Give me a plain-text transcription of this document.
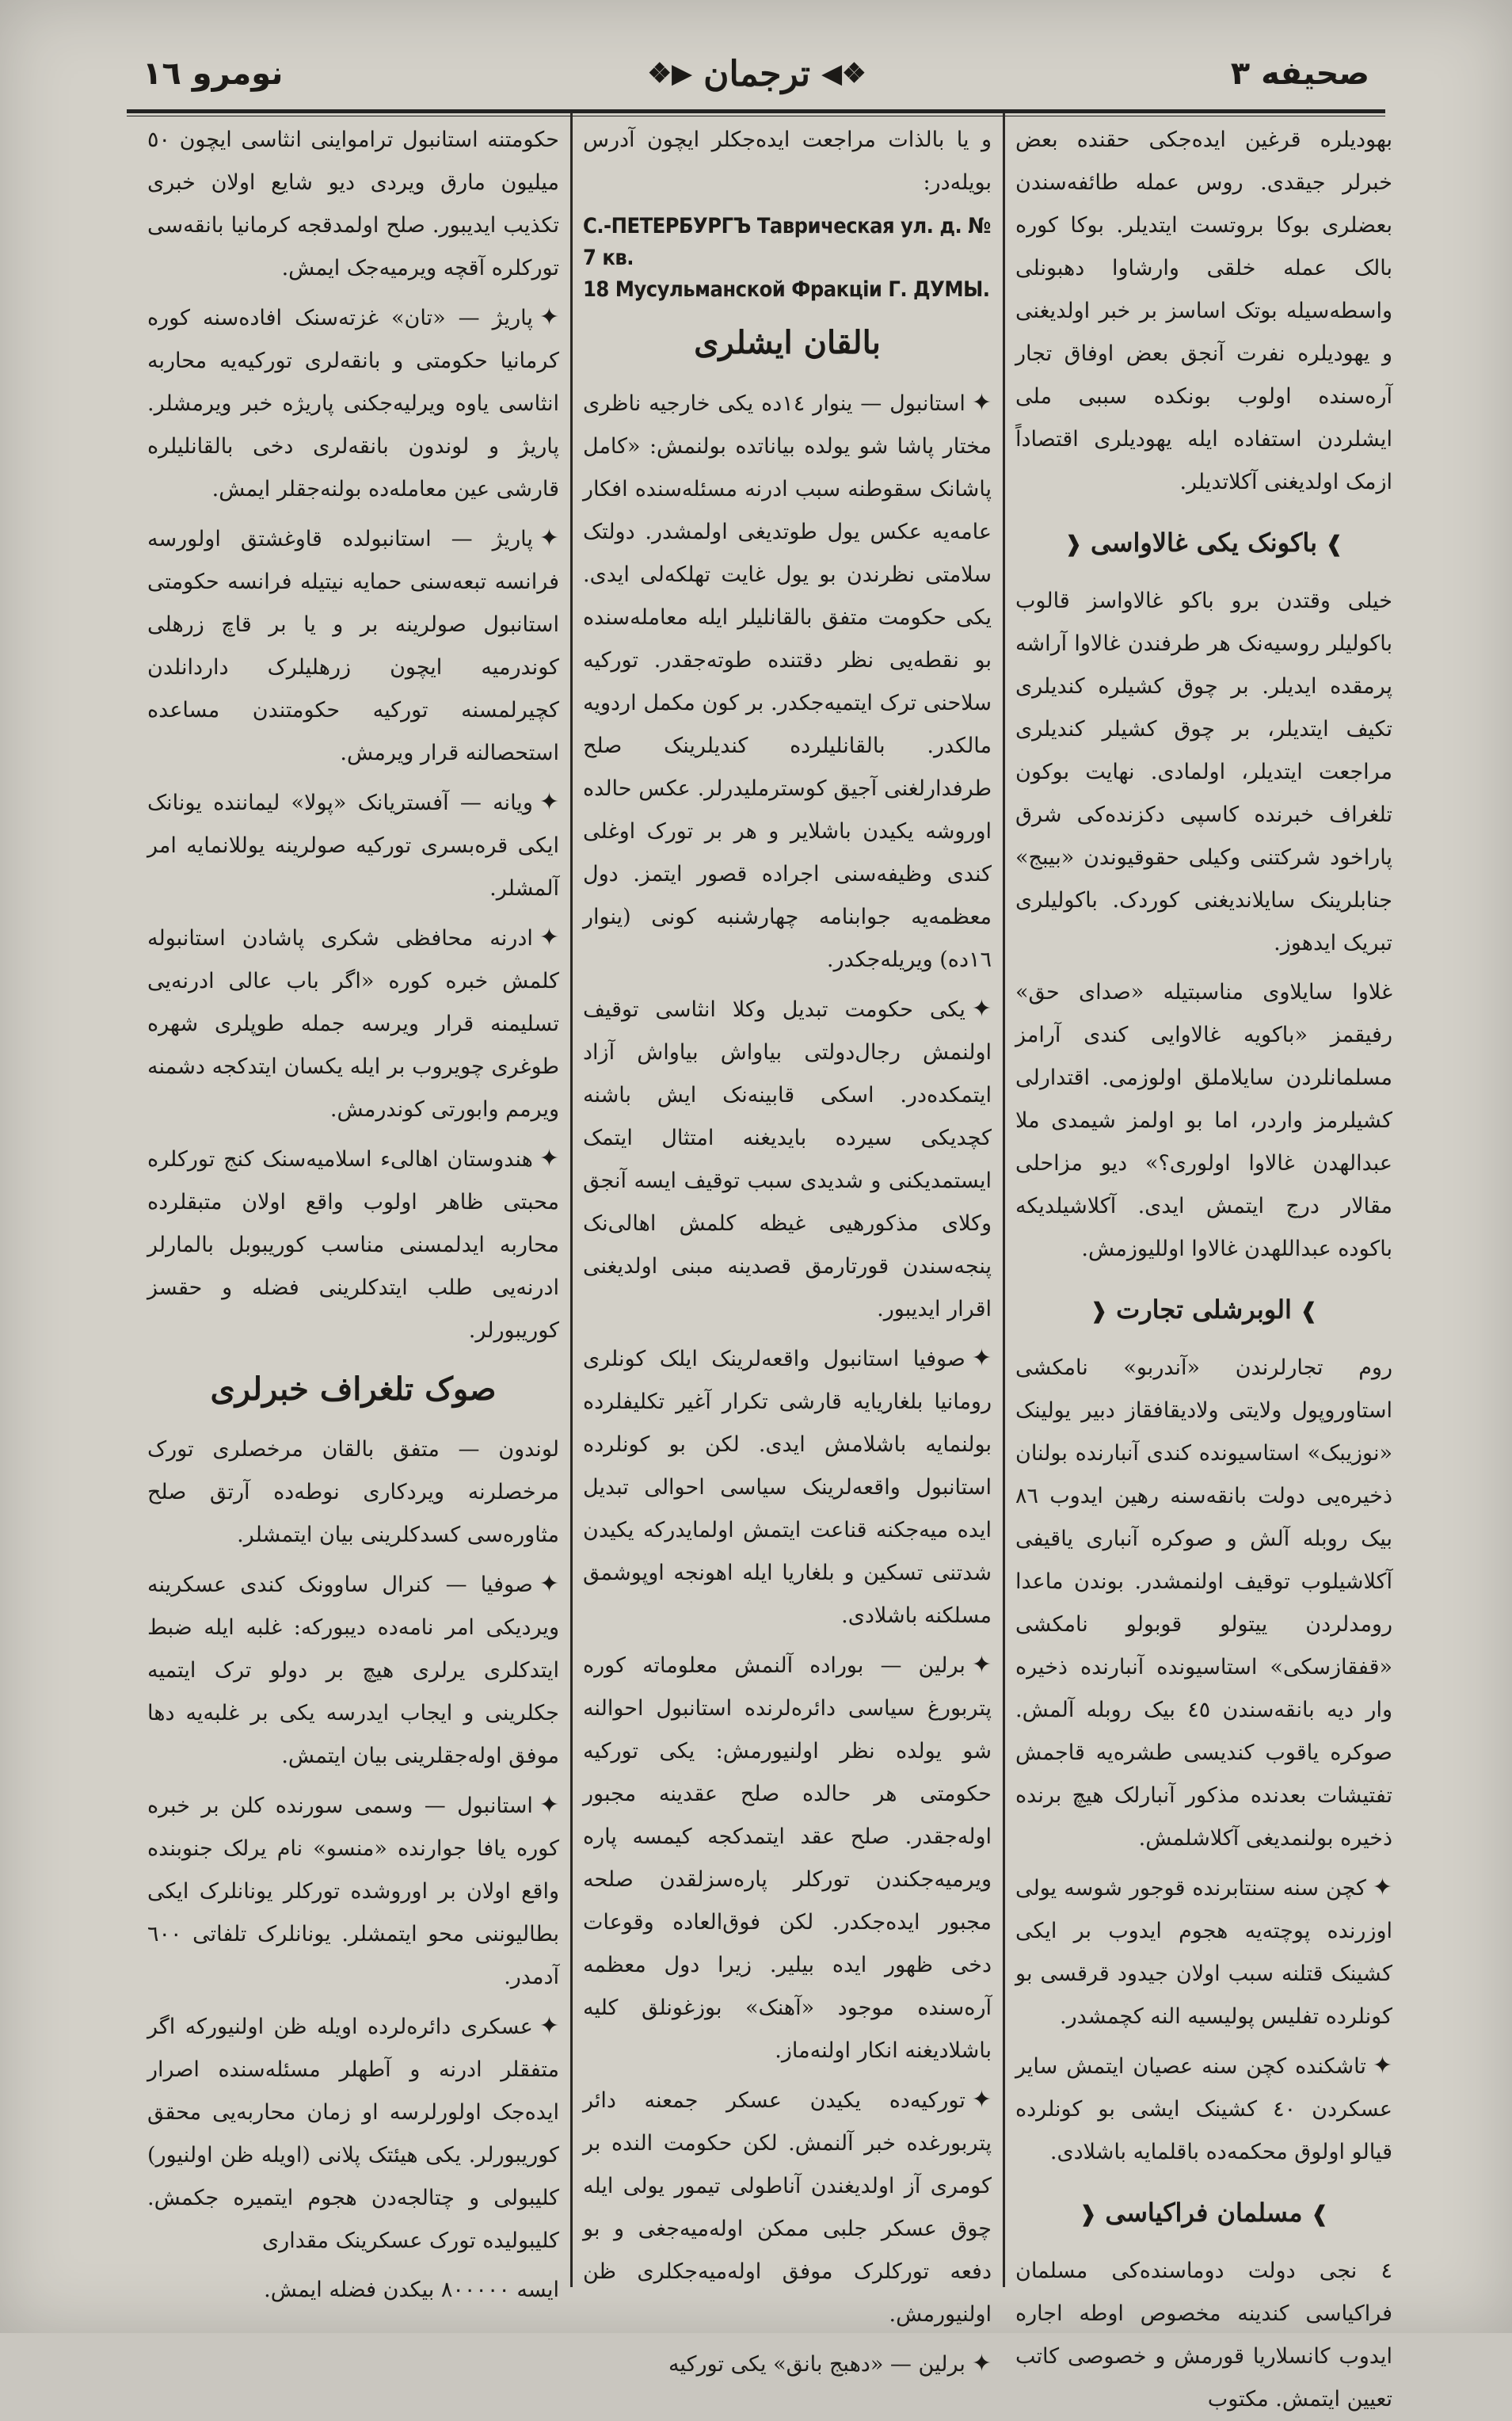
صحیفه ٣
❖◀
ترجمان
▶❖
نومرو ١٦

بهودیلره قرغین ایده‌جکی حقنده بعض خبرلر جیقدی. روس عمله طائفه‌سندن بعضلری بوکا بروتست ایتدیلر. بوکا کوره بالک عمله خلقی وارشاوا دهبونلی واسطه‌سیله بوتک اساسز بر خبر اولدیغنی و یهودیلره نفرت آنجق بعض اوفاق تجار آره‌سنده اولوب بونکده سببی ملی ایشلردن استفاده ایله یهودیلری اقتصاداً ازمک اولدیغنی آکلاتدیلر.

❱باکونک یکی غالاواسی❰

خیلی وقتدن برو باکو غالاواسز قالوب باکولیلر روسیه‌نک هر طرفندن غالاوا آراشه‌ پرمقده ایدیلر. بر چوق کشیلره کندیلری تکیف ایتدیلر، بر چوق کشیلر کندیلری مراجعت ایتدیلر، اولمادی. نهایت بوکون تلغراف خبرنده کاسپی دکزنده‌کی شرق پاراخود شرکتنی وکیلی حقوقیوندن «بیبج» جنابلرینک سایلاندیغنی کوردک. باکولیلری تبریک ایدهوز.

غلاوا سایلاوی مناسبتیله «صدای حق» رفیقمز «باکویه غالاوایی کندی آرامز مسلمانلردن سایلاملق اولوزمی. اقتدارلی کشیلرمز واردر، اما بو اولمز شیمدی ملا عبدالهدن غالاوا اولوری؟» دیو مزاحلی مقالار درج ایتمش ایدی. آکلاشیلدیکه باکوده عبداللهدن غالاوا اوللیوزمش.

❱الوبرشلی تجارت❰

روم تجارلرندن «آندربو» نامکشی استاوروپول ولایتی ولادیقافقاز دبیر یولینک «نوزیبک» استاسیونده کندی آنبارنده بولنان ذخیره‌یی دولت بانقه‌سنه رهین ایدوب ٨٦ بیک روبله آلش و صوکره آنباری یاقیفی آکلاشیلوب توقیف اولنمشدر. بوندن ماعدا رومدلردن ییتولو قوبولو نامکشی «قفقازسکی» استاسیونده آنبارنده ذخیره وار دیه بانقه‌سندن ٤٥ بیک روبله آلمش. صوکره یاقوب کندیسی طشره‌یه قاجمش تفتیشات بعدنده مذکور آنبارلک هیچ برنده ذخیره بولنمدیغی آکلاشلمش.

✦کچن سنه سنتابرنده قوجور شوسه یولی اوزرنده پوچته‌یه هجوم ایدوب بر ایکی کشینک قتلنه سبب اولان جیدود قرقسی بو کونلرده تفلیس پولیسیه النه کچمشدر.

✦تاشکنده کچن سنه عصیان ایتمش سایر عسکردن ٤٠ کشینک ایشی بو کونلرده قیالو اولوق محکمه‌ده باقلمایه باشلادی.

❱مسلمان فراکیاسی❰

٤ نجی دولت دوماسنده‌کی مسلمان فراکیاسی کندینه مخصوص اوطه اجاره ایدوب کانسلاریا قورمش و خصوصی کاتب تعیین ایتمش. مکتوب

و یا بالذات مراجعت ایده‌جکلر ایچون آدرس بویله‌در:

С.-ПЕТЕРБУРГЪ Таврическая ул. д. № 7 кв.
18 Мусульманской Фракціи Г. ДУМЫ.
بالقان ایشلری

✦استانبول — ینوار ١٤ده یکی خارجیه ناظری مختار پاشا شو یولده بیاناتده بولنمش: «کامل پاشانک سقوطنه سبب ادرنه مسئله‌سنده افکار عامه‌یه عکس یول طوتدیغی اولمشدر. دولتک سلامتی نظرندن بو یول غایت تهلکه‌لی ایدی. یکی حکومت متفق بالقانلیلر ایله معامله‌سنده بو نقطه‌یی نظر دقتنده طوته‌جقدر. تورکیه سلاحنی ترک ایتمیه‌جکدر. بر کون مکمل اردویه مالکدر. بالقانلیلرده کندیلرینک صلح طرفدارلغنی آجیق کوسترملیدرلر. عکس حالده اوروشه یکیدن باشلایر و هر بر تورک اوغلی کندی وظیفه‌سنی اجراده قصور ایتمز. دول معظمه‌یه جوابنامه چهارشنبه کونی (ینوار ١٦ده) ویریله‌جکدر.

✦یکی حکومت تبدیل وکلا انثاسی توقیف اولنمش رجال‌دولتی بیاواش بیاواش آزاد ایتمکده‌در. اسکی قابینه‌نک ایش باشنه کچدیکی سیرده بایدیغنه امتثال ایتمک ایستمدیکنی و شدیدی سبب توقیف ایسه آنجق وکلای مذکورهیی غیظه کلمش اهالی‌نک پنجه‌سندن قورتارمق قصدینه مبنی اولدیغنی اقرار ایدیبور.

✦صوفیا استانبول واقعه‌لرینک ایلک کونلری رومانیا بلغاریایه قارشی تکرار آغیر تکلیفلرده بولنمایه باشلامش ایدی. لکن بو کونلرده استانبول واقعه‌لرینک سیاسی احوالی تبدیل ایده میه‌جکنه قناعت ایتمش اولمایدرکه یکیدن شدتنی تسکین و بلغاریا ایله اهونجه اوپوشمق مسلکنه باشلادی.

✦برلین — بوراده آلنمش معلوماته کوره پتربورغ سیاسی دائره‌لرنده استانبول احوالنه شو یولده نظر اولنیورمش: یکی تورکیه حکومتی هر حالده صلح عقدینه مجبور اوله‌جقدر. صلح عقد ایتمدکجه کیمسه پاره ویرمیه‌جکندن تورکلر پاره‌سزلقدن صلحه مجبور ایده‌جکدر. لکن فوق‌العاده وقوعات دخی ظهور ایده بیلیر. زیرا دول معظمه آره‌سنده موجود «آهنک» بوزغونلق کلیه باشلادیغنه انکار اولنه‌ماز.

✦تورکیه‌ده یکیدن عسکر جمعنه دائر پتربورغده خبر آلنمش. لکن حکومت النده بر کومری آز اولدیغندن آناطولی تیمور یولی ایله چوق عسکر جلبی ممکن اوله‌میه‌جغی و بو دفعه تورکلرک موفق اوله‌میه‌جکلری ظن اولنیورمش.

✦برلین — «دهبج بانق» یکی تورکیه

حکومتنه استانبول ترامواینی انثاسی ایچون ٥٠ میلیون مارق ویردی دیو شایع اولان خبری تکذیب ایدیبور. صلح اولمدقجه کرمانیا بانقه‌سی تورکلره آقچه ویرمیه‌جک ایمش.

✦پاریژ — «تان» غزته‌سنک افاده‌سنه کوره کرمانیا حکومتی و بانقه‌لری تورکیه‌یه محاربه انثاسی یاوه ویرلیه‌جکنی پاریژه خبر ویرمشلر. پاریژ و لوندون بانقه‌لری دخی بالقانلیلره قارشی عین معامله‌ده بولنه‌جقلر ایمش.

✦پاریژ — استانبولده قاوغشتق اولورسه فرانسه تبعه‌سنی حمایه نیتیله فرانسه حکومتی استانبول صولرینه بر و یا بر قاچ زرهلی کوندرمیه ایچون زرهلیلرک داردانلدن کچیرلمسنه تورکیه حکومتندن مساعده استحصالنه قرار ویرمش.

✦ویانه — آفستریانک «پولا» لیماننده یونانک ایکی قره‌بسری تورکیه صولرینه یوللانمایه امر آلمشلر.

✦ادرنه محافظی شکری پاشادن استانبوله کلمش خبره کوره «اگر باب عالی ادرنه‌یی تسلیمنه قرار ویرسه جمله طوپلری شهره طوغری چویروب بر ایله یکسان ایتدکجه دشمنه ویرمم وابورتی کوندرمش.

✦هندوستان اهالیء اسلامیه‌سنک کنج تورکلره محبتی ظاهر اولوب واقع اولان متبقلرده محاربه ایدلمسنی مناسب کوریبوبل بالمارلر ادرنه‌یی طلب ایتدکلرینی فضله و حقسز کوریبورلر.

صوک تلغراف خبرلری

لوندون — متفق بالقان مرخصلری تورک مرخصلرنه ویردکاری نوطه‌ده آرتق صلح مثاوره‌سی کسدکلرینی بیان ایتمشلر.

✦صوفیا — کنرال ساوونک کندی عسکرینه ویردیکی امر نامه‌ده دیبورکه: غلبه ایله ضبط ایتدکلری یرلری هیچ بر دولو ترک ایتمیه جکلرینی و ایجاب ایدرسه یکی بر غلبه‌یه دها موفق اوله‌جقلرینی بیان ایتمش.

✦استانبول — وسمی سورنده کلن بر خبره کوره یافا جوارنده «منسو» نام یرلک جنوبنده واقع اولان بر اوروشده تورکلر یونانلرک ایکی بطالیوننی محو ایتمشلر. یونانلرک تلفاتی ٦٠٠ آدمدر.

✦عسکری دائره‌لرده اویله ظن اولنیورکه اگر متفقلر ادرنه و آطهلر مسئله‌سنده اصرار ایده‌جک اولورلرسه او زمان محاربه‌یی محقق کوریبورلر. یکی هیئتک پلانی (اویله ظن اولنیور) کلیبولی و چتالجه‌دن هجوم ایتمیره جکمش. کلیبولیده تورک عسکرینک مقداری

ایسه ٨٠٠٠٠٠ بیکدن فضله ایمش.
